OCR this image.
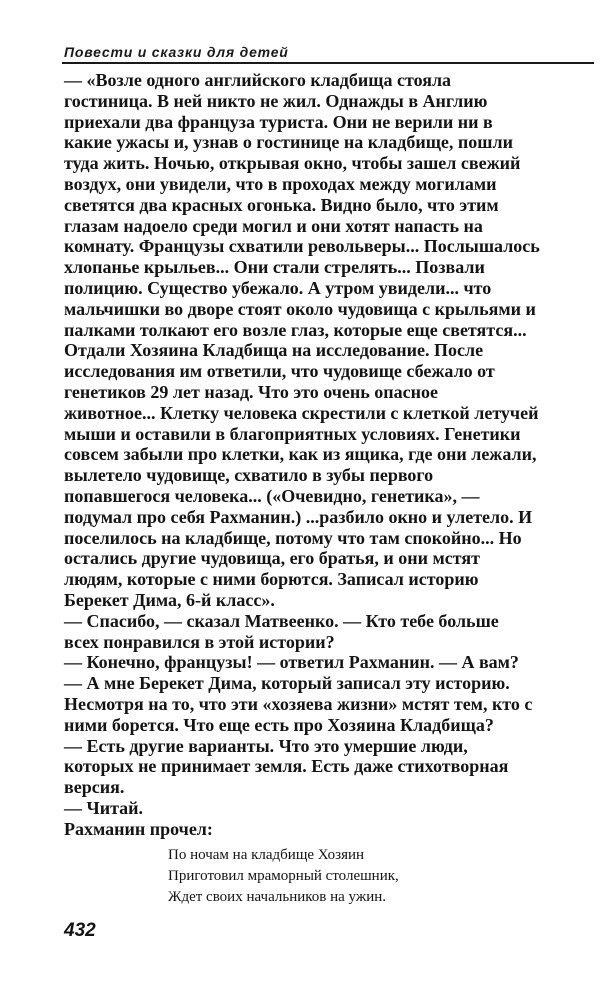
Повести и сказки для детей
— «Возле одного английского кладбища стояла
гостиница. В ней никто не жил. Однажды в Англию
приехали два француза туриста. Они не верили ни в
какие ужасы и, узнав о гостинице на кладбище, пошли
туда жить. Ночью, открывая окно, чтобы зашел свежий
воздух, они увидели, что в проходах между могилами
светятся два красных огонька. Видно было, что этим
глазам надоело среди могил и они хотят напасть на
комнату. Французы схватили револьверы... Послышалось
хлопанье крыльев... Они стали стрелять... Позвали
полицию. Существо убежало. А утром увидели... что
мальчишки во дворе стоят около чудовища с крыльями и
палками толкают его возле глаз, которые еще светятся...
Отдали Хозяина Кладбища на исследование. После
исследования им ответили, что чудовище сбежало от
генетиков 29 лет назад. Что это очень опасное
животное... Клетку человека скрестили с клеткой летучей
мыши и оставили в благоприятных условиях. Генетики
совсем забыли про клетки, как из ящика, где они лежали,
вылетело чудовище, схватило в зубы первого
попавшегося человека... («Очевидно, генетика», —
подумал про себя Рахманин.) ...разбило окно и улетело. И
поселилось на кладбище, потому что там спокойно... Но
остались другие чудовища, его братья, и они мстят
людям, которые с ними борются. Записал историю
Берекет Дима, 6-й класс».
— Спасибо, — сказал Матвеенко. — Кто тебе больше
всех понравился в этой истории?
— Конечно, французы! — ответил Рахманин. — А вам?
— А мне Берекет Дима, который записал эту историю.
Несмотря на то, что эти «хозяева жизни» мстят тем, кто с
ними борется. Что еще есть про Хозяина Кладбища?
— Есть другие варианты. Что это умершие люди,
которых не принимает земля. Есть даже стихотворная
версия.
— Читай.
Рахманин прочел:
По ночам на кладбище Хозяин
Приготовил мраморный столешник,
Ждет своих начальников на ужин.
432
